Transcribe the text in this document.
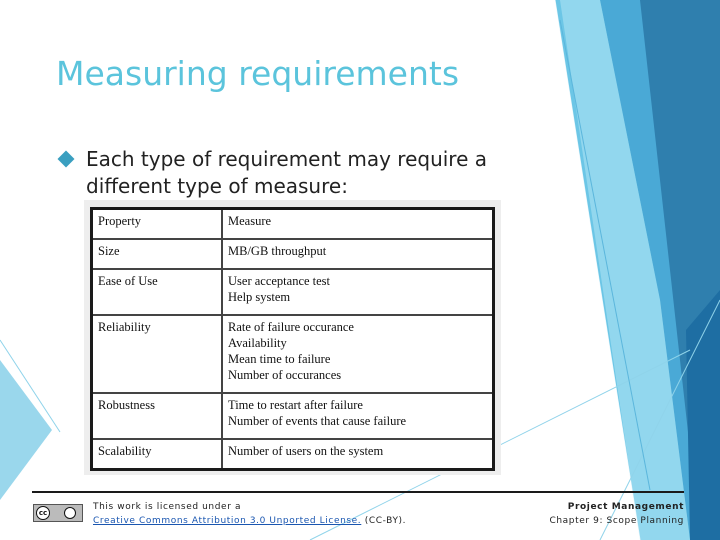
Measuring requirements
Each type of requirement may require a different type of measure:
Property	Measure
Size	MB/GB throughput

Ease of Use	User acceptance test
Help system

Reliability	Rate of failure occurance
Availability
Mean time to failure
Number of occurances

Robustness	Time to restart after failure
Number of events that cause failure

Scalability	Number of users on the system
cc
This work is licensed under a
Creative Commons Attribution 3.0 Unported License. (CC-BY).
Project Management
Chapter 9: Scope Planning
